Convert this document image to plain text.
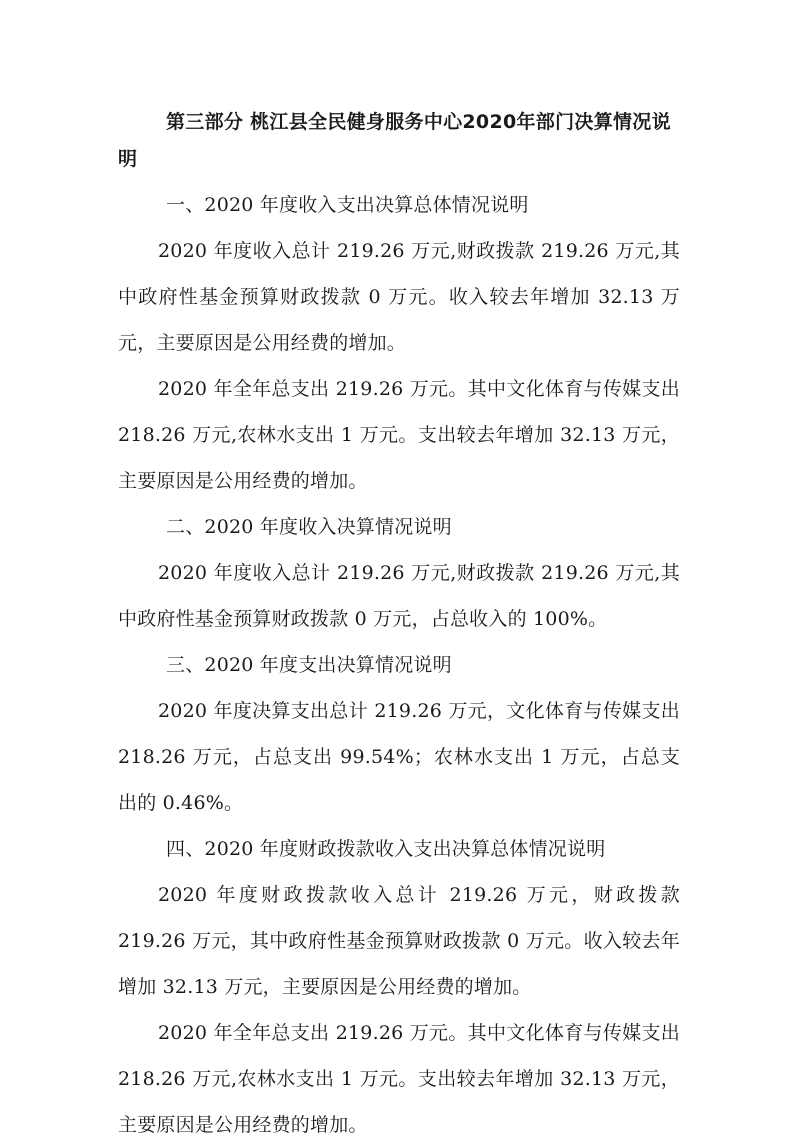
第三部分 桃江县全民健身服务中心2020年部门决算情况说明

一、2020 年度收入支出决算总体情况说明

2020 年度收入总计 219.26 万元,财政拨款 219.26 万元,其中政府性基金预算财政拨款 0 万元。收入较去年增加 32.13 万元，主要原因是公用经费的增加。

2020 年全年总支出 219.26 万元。其中文化体育与传媒支出 218.26 万元,农林水支出 1 万元。支出较去年增加 32.13 万元，主要原因是公用经费的增加。

二、2020 年度收入决算情况说明

2020 年度收入总计 219.26 万元,财政拨款 219.26 万元,其中政府性基金预算财政拨款 0 万元，占总收入的 100%。

三、2020 年度支出决算情况说明

2020 年度决算支出总计 219.26 万元，文化体育与传媒支出 218.26 万元，占总支出 99.54%；农林水支出 1 万元，占总支出的 0.46%。

四、2020 年度财政拨款收入支出决算总体情况说明

2020 年度财政拨款收入总计 219.26 万元，财政拨款 219.26 万元，其中政府性基金预算财政拨款 0 万元。收入较去年增加 32.13 万元，主要原因是公用经费的增加。

2020 年全年总支出 219.26 万元。其中文化体育与传媒支出 218.26 万元,农林水支出 1 万元。支出较去年增加 32.13 万元，主要原因是公用经费的增加。
